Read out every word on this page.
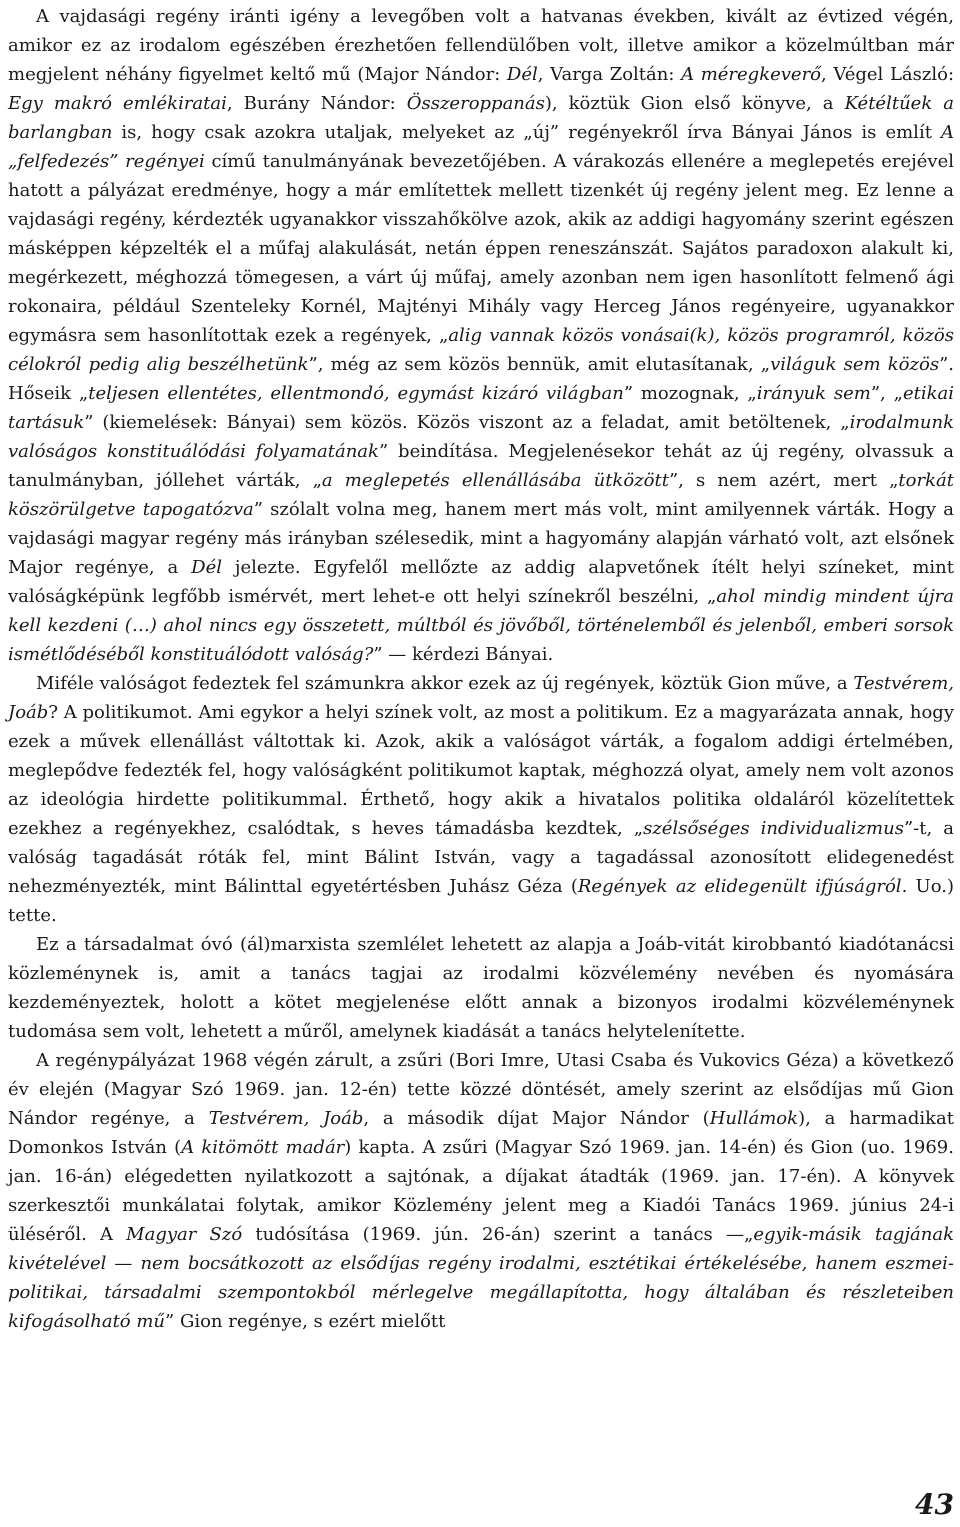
A vajdasági regény iránti igény a levegőben volt a hatvanas években, kivált az évtized végén, amikor ez az irodalom egészében érezhetően fellendülőben volt, illetve amikor a közelmúltban már megjelent néhány figyelmet keltő mű (Major Nándor: Dél, Varga Zoltán: A méregkeverő, Végel László: Egy makró emlékiratai, Burány Nándor: Összeroppanás), köztük Gion első könyve, a Kétéltűek a barlangban is, hogy csak azokra utaljak, melyeket az „új” regényekről írva Bányai János is említ A „felfedezés” regényei című tanulmányának bevezetőjében. A várakozás ellenére a meglepetés erejével hatott a pályázat eredménye, hogy a már említettek mellett tizenkét új regény jelent meg. Ez lenne a vajdasági regény, kérdezték ugyanakkor visszahőkölve azok, akik az addigi hagyomány szerint egészen másképpen képzelték el a műfaj alakulását, netán éppen reneszánszát. Sajátos paradoxon alakult ki, megérkezett, méghozzá tömegesen, a várt új műfaj, amely azonban nem igen hasonlított felmenő ági rokonaira, például Szenteleky Kornél, Majtényi Mihály vagy Herceg János regényeire, ugyanakkor egymásra sem hasonlítottak ezek a regények, „alig vannak közös vonásai(k), közös programról, közös célokról pedig alig beszélhetünk”, még az sem közös bennük, amit elutasítanak, „világuk sem közös”. Hőseik „teljesen ellentétes, ellentmondó, egymást kizáró világban” mozognak, „irányuk sem”, „etikai tartásuk” (kiemelések: Bányai) sem közös. Közös viszont az a feladat, amit betöltenek, „irodalmunk valóságos konstituálódási folyamatának” beindítása. Megjelenésekor tehát az új regény, olvassuk a tanulmányban, jóllehet várták, „a meglepetés ellenállásába ütközött”, s nem azért, mert „torkát köszörülgetve tapogatózva” szólalt volna meg, hanem mert más volt, mint amilyennek várták. Hogy a vajdasági magyar regény más irányban szélesedik, mint a hagyomány alapján várható volt, azt elsőnek Major regénye, a Dél jelezte. Egyfelől mellőzte az addig alapvetőnek ítélt helyi színeket, mint valóságképünk legfőbb ismérvét, mert lehet-e ott helyi színekről beszélni, „ahol mindig mindent újra kell kezdeni (…) ahol nincs egy összetett, múltból és jövőből, történelemből és jelenből, emberi sorsok ismétlődéséből konstituálódott valóság?” — kérdezi Bányai.

Miféle valóságot fedeztek fel számunkra akkor ezek az új regények, köztük Gion műve, a Testvérem, Joáb? A politikumot. Ami egykor a helyi színek volt, az most a politikum. Ez a magyarázata annak, hogy ezek a művek ellenállást váltottak ki. Azok, akik a valóságot várták, a fogalom addigi értelmében, meglepődve fedezték fel, hogy valóságként politikumot kaptak, méghozzá olyat, amely nem volt azonos az ideológia hirdette politikummal. Érthető, hogy akik a hivatalos politika oldaláról közelítettek ezekhez a regényekhez, csalódtak, s heves támadásba kezdtek, „szélsőséges individualizmus”-t, a valóság tagadását róták fel, mint Bálint István, vagy a tagadással azonosított elidegenedést nehezményezték, mint Bálinttal egyetértésben Juhász Géza (Regények az elidegenült ifjúságról. Uo.) tette.

Ez a társadalmat óvó (ál)marxista szemlélet lehetett az alapja a Joáb-vitát kirobbantó kiadótanácsi közleménynek is, amit a tanács tagjai az irodalmi közvélemény nevében és nyomására kezdeményeztek, holott a kötet megjelenése előtt annak a bizonyos irodalmi közvéleménynek tudomása sem volt, lehetett a műről, amelynek kiadását a tanács helytelenítette.

A regénypályázat 1968 végén zárult, a zsűri (Bori Imre, Utasi Csaba és Vukovics Géza) a következő év elején (Magyar Szó 1969. jan. 12-én) tette közzé döntését, amely szerint az elsődíjas mű Gion Nándor regénye, a Testvérem, Joáb, a második díjat Major Nándor (Hullámok), a harmadikat Domonkos István (A kitömött madár) kapta. A zsűri (Magyar Szó 1969. jan. 14-én) és Gion (uo. 1969. jan. 16-án) elégedetten nyilatkozott a sajtónak, a díjakat átadták (1969. jan. 17-én). A könyvek szerkesztői munkálatai folytak, amikor Közlemény jelent meg a Kiadói Tanács 1969. június 24-i üléséről. A Magyar Szó tudósítása (1969. jún. 26-án) szerint a tanács —„egyik-másik tagjának kivételével — nem bocsátkozott az elsődíjas regény irodalmi, esztétikai értékelésébe, hanem eszmei-politikai, társadalmi szempontokból mérlegelve megállapította, hogy általában és részleteiben kifogásolható mű” Gion regénye, s ezért mielőtt

43
